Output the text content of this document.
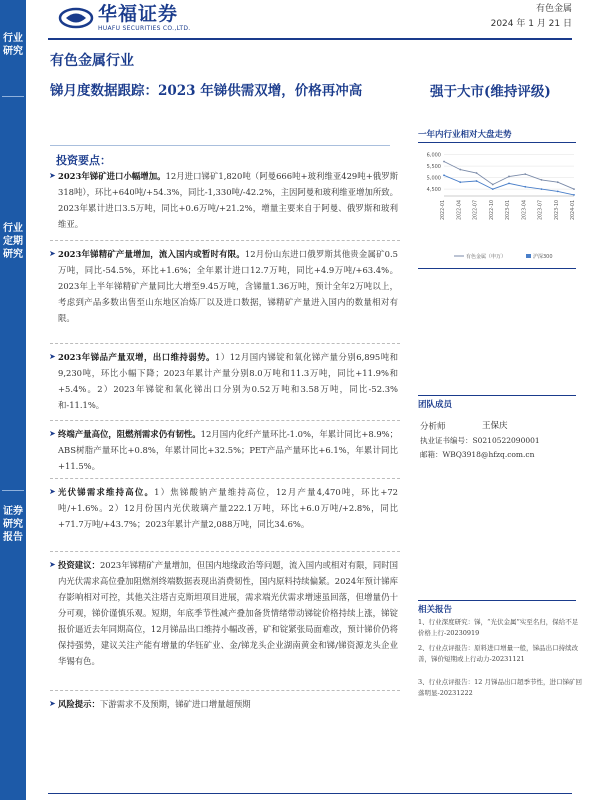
行业研究
行业定期研究
证券研究报告
华福证券
HUAFU SECURITIES CO.,LTD.
有色金属
2024 年 1 月 21 日
有色金属行业
锑月度数据跟踪：2023 年锑供需双增，价格再冲高	强于大市(维持评级)
投资要点：
➤ 2023年锑矿进口小幅增加。12月进口锑矿1,820吨（阿曼666吨+玻利维亚429吨+俄罗斯318吨），环比+640吨/+54.3%，同比-1,330吨/-42.2%，主因阿曼和玻利维亚增加所致。2023年累计进口3.5万吨，同比+0.6万吨/+21.2%，增量主要来自于阿曼、俄罗斯和玻利维亚。
➤ 2023年锑精矿产量增加，流入国内或暂时有限。12月份山东进口俄罗斯其他贵金属矿0.5万吨，同比-54.5%，环比+1.6%；全年累计进口12.7万吨，同比+4.9万吨/+63.4%。2023年上半年锑精矿产量同比大增至9.45万吨，含锑量1.36万吨，预计全年2万吨以上，考虑到产品多数出售至山东地区冶炼厂以及进口数据，锑精矿产量进入国内的数量相对有限。
➤ 2023年锑品产量双增，出口维持弱势。1）12月国内锑锭和氧化锑产量分别6,895吨和9,230吨，环比小幅下降；2023年累计产量分别8.0万吨和11.3万吨，同比+11.9%和+5.4%。2）2023年锑锭和氧化锑出口分别为0.52万吨和3.58万吨，同比-52.3%和-11.1%。
➤ 终端产量高位，阻燃剂需求仍有韧性。12月国内化纤产量环比-1.0%，年累计同比+8.9%；ABS树脂产量环比+0.8%，年累计同比+32.5%；PET产品产量环比+6.1%，年累计同比+11.5%。
➤ 光伏锑需求维持高位。1）焦锑酸钠产量维持高位，12月产量4,470吨，环比+72吨/+1.6%。2）12月份国内光伏玻璃产量222.1万吨，环比+6.0万吨/+2.8%，同比+71.7万吨/+43.7%；2023年累计产量2,088万吨，同比34.6%。
➤ 投资建议：2023年锑精矿产量增加，但国内地缘政治等问题，流入国内或相对有限，同时国内光伏需求高位叠加阻燃剂终端数据表现出消费韧性，国内原料持续偏紧。2024年预计锑库存影响相对可控，其他关注塔吉克斯坦项目进展，需求端光伏需求增速虽回落，但增量仍十分可观，锑价谨慎乐观。短期，年底季节性减产叠加备货情绪带动锑锭价格持续上涨，锑锭报价逼近去年同期高位，12月锑品出口维持小幅改善，矿和锭紧张局面难改，预计锑价仍将保持强势，建议关注产能有增量的华钰矿业、金/锑龙头企业湖南黄金和锑/锑资源龙头企业华锡有色。
➤ 风险提示：下游需求不及预期，锑矿进口增量超预期
一年内行业相对大盘走势
6,000
5,500
5,000
4,500
2022-01 2022-04 2022-07 2022-10 2023-01 2023-04 2023-07 2023-10 2024-01
有色金属（申万）	沪深300
团队成员
分析师	王保庆
执业证书编号：S0210522090001
邮箱：WBQ3918@hfzq.com.cn
相关报告
1、行业深度研究：锑，“光伏金属”实至名归，保给不足价格上行-20230919
2、行业点评报告：原料进口增量一般，锑品出口持续改善，锑价短期或上行动力-20231121
3、行业点评报告：12 月锑品出口超季节性，进口锑矿回落明显-20231222
